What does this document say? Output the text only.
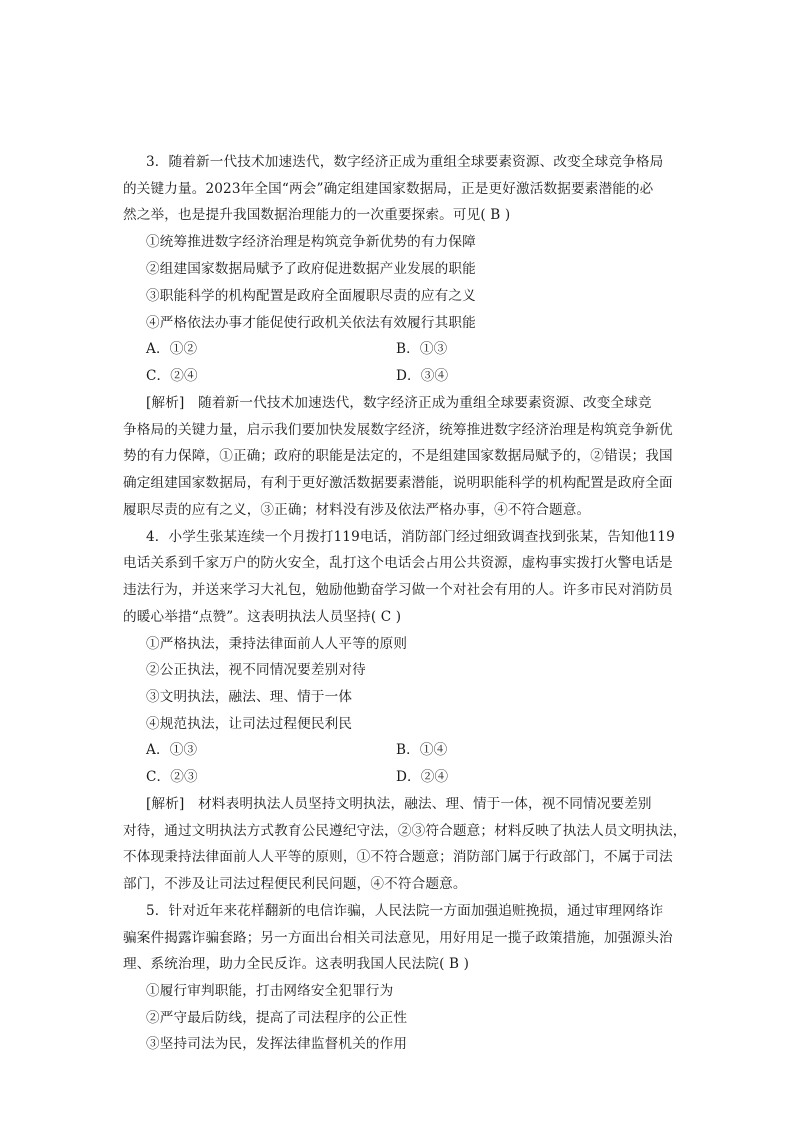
3．随着新一代技术加速迭代，数字经济正成为重组全球要素资源、改变全球竞争格局
的关键力量。2023年全国“两会”确定组建国家数据局，正是更好激活数据要素潜能的必
然之举，也是提升我国数据治理能力的一次重要探索。可见( B )
①统筹推进数字经济治理是构筑竞争新优势的有力保障
②组建国家数据局赋予了政府促进数据产业发展的职能
③职能科学的机构配置是政府全面履职尽责的应有之义
④严格依法办事才能促使行政机关依法有效履行其职能
A．①②	B．①③
C．②④	D．③④
[解析]　随着新一代技术加速迭代，数字经济正成为重组全球要素资源、改变全球竞
争格局的关键力量，启示我们要加快发展数字经济，统筹推进数字经济治理是构筑竞争新优
势的有力保障，①正确；政府的职能是法定的，不是组建国家数据局赋予的，②错误；我国
确定组建国家数据局，有利于更好激活数据要素潜能，说明职能科学的机构配置是政府全面
履职尽责的应有之义，③正确；材料没有涉及依法严格办事，④不符合题意。
4．小学生张某连续一个月拨打119电话，消防部门经过细致调查找到张某，告知他119
电话关系到千家万户的防火安全，乱打这个电话会占用公共资源，虚构事实拨打火警电话是
违法行为，并送来学习大礼包，勉励他勤奋学习做一个对社会有用的人。许多市民对消防员
的暖心举措“点赞”。这表明执法人员坚持( C )
①严格执法，秉持法律面前人人平等的原则
②公正执法，视不同情况要差别对待
③文明执法，融法、理、情于一体
④规范执法，让司法过程便民利民
A．①③	B．①④
C．②③	D．②④
[解析]　材料表明执法人员坚持文明执法，融法、理、情于一体，视不同情况要差别
对待，通过文明执法方式教育公民遵纪守法，②③符合题意；材料反映了执法人员文明执法，
不体现秉持法律面前人人平等的原则，①不符合题意；消防部门属于行政部门，不属于司法
部门，不涉及让司法过程便民利民问题，④不符合题意。
5．针对近年来花样翻新的电信诈骗，人民法院一方面加强追赃挽损，通过审理网络诈
骗案件揭露诈骗套路；另一方面出台相关司法意见，用好用足一揽子政策措施，加强源头治
理、系统治理，助力全民反诈。这表明我国人民法院( B )
①履行审判职能，打击网络安全犯罪行为
②严守最后防线，提高了司法程序的公正性
③坚持司法为民，发挥法律监督机关的作用
